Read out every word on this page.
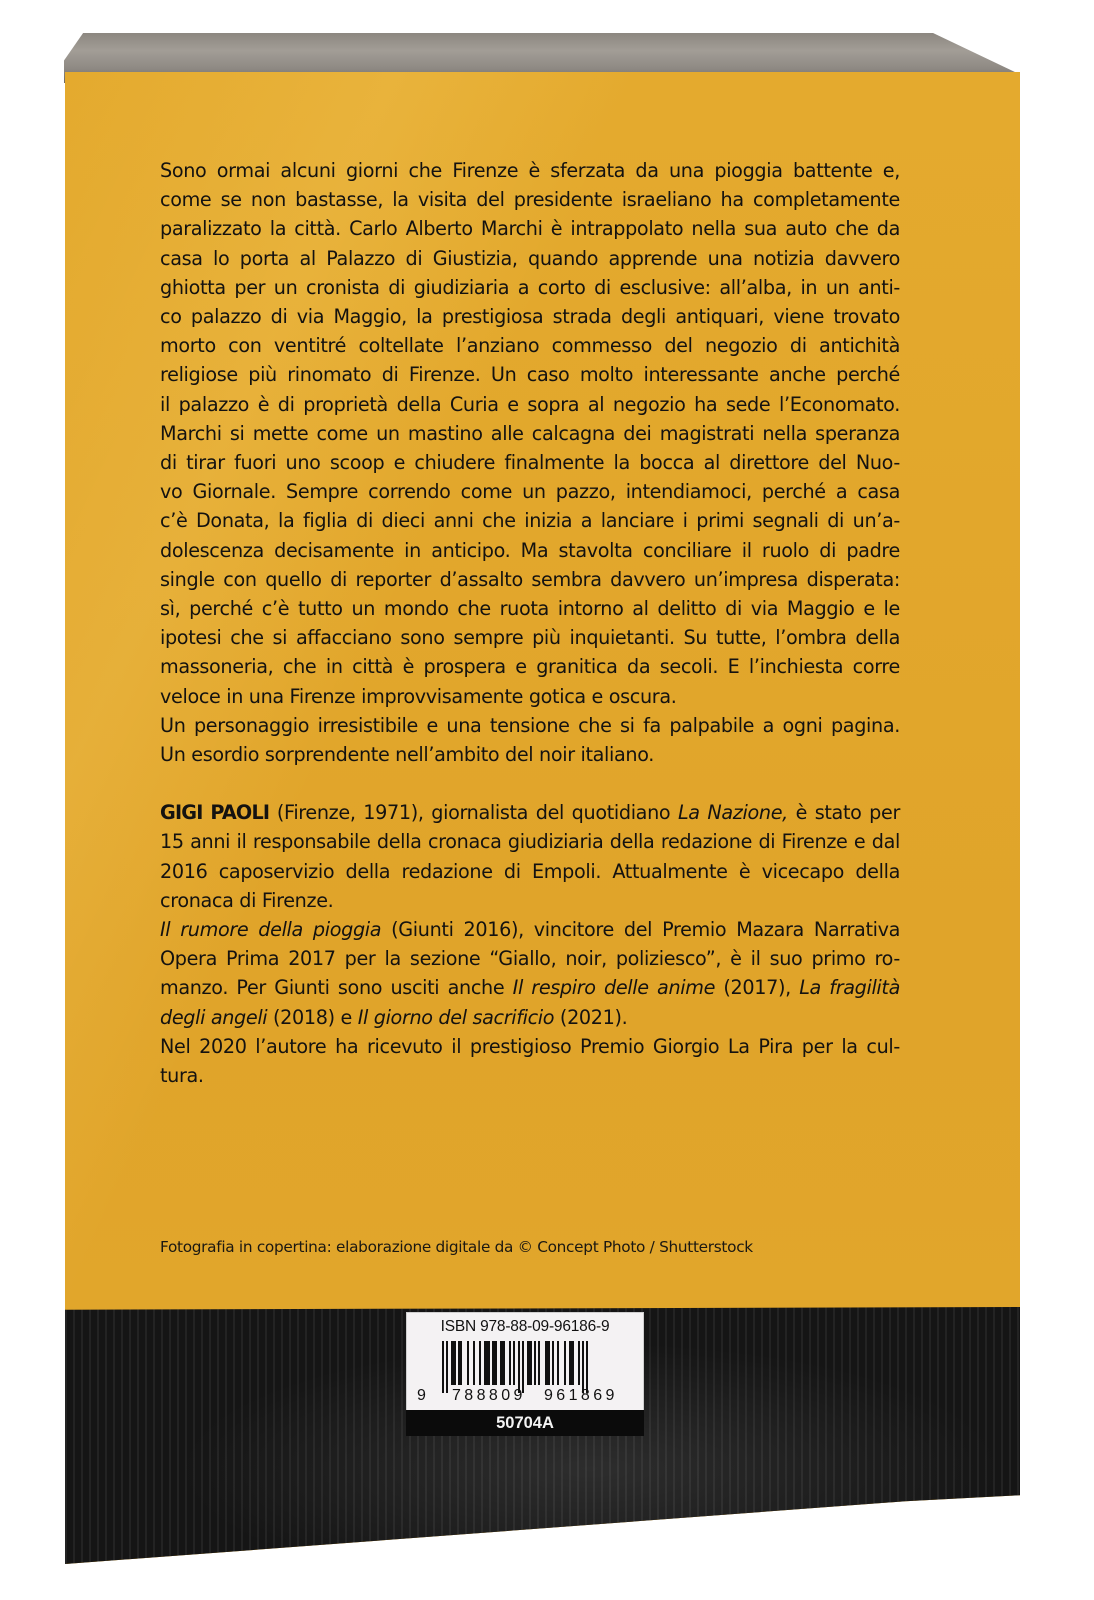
Sono ormai alcuni giorni che Firenze è sferzata da una pioggia battente e,
come se non bastasse, la visita del presidente israeliano ha completamente
paralizzato la città. Carlo Alberto Marchi è intrappolato nella sua auto che da
casa lo porta al Palazzo di Giustizia, quando apprende una notizia davvero
ghiotta per un cronista di giudiziaria a corto di esclusive: all’alba, in un anti-
co palazzo di via Maggio, la prestigiosa strada degli antiquari, viene trovato
morto con ventitré coltellate l’anziano commesso del negozio di antichità
religiose più rinomato di Firenze. Un caso molto interessante anche perché
il palazzo è di proprietà della Curia e sopra al negozio ha sede l’Economato.
Marchi si mette come un mastino alle calcagna dei magistrati nella speranza
di tirar fuori uno scoop e chiudere finalmente la bocca al direttore del Nuo-
vo Giornale. Sempre correndo come un pazzo, intendiamoci, perché a casa
c’è Donata, la figlia di dieci anni che inizia a lanciare i primi segnali di un’a-
dolescenza decisamente in anticipo. Ma stavolta conciliare il ruolo di padre
single con quello di reporter d’assalto sembra davvero un’impresa disperata:
sì, perché c’è tutto un mondo che ruota intorno al delitto di via Maggio e le
ipotesi che si affacciano sono sempre più inquietanti. Su tutte, l’ombra della
massoneria, che in città è prospera e granitica da secoli. E l’inchiesta corre
veloce in una Firenze improvvisamente gotica e oscura.
Un personaggio irresistibile e una tensione che si fa palpabile a ogni pagina.
Un esordio sorprendente nell’ambito del noir italiano.
GIGI PAOLI (Firenze, 1971), giornalista del quotidiano La Nazione, è stato per
15 anni il responsabile della cronaca giudiziaria della redazione di Firenze e dal
2016 caposervizio della redazione di Empoli. Attualmente è vicecapo della
cronaca di Firenze.
Il rumore della pioggia (Giunti 2016), vincitore del Premio Mazara Narrativa
Opera Prima 2017 per la sezione “Giallo, noir, poliziesco”, è il suo primo ro-
manzo. Per Giunti sono usciti anche Il respiro delle anime (2017), La fragilità
degli angeli (2018) e Il giorno del sacrificio (2021).
Nel 2020 l’autore ha ricevuto il prestigioso Premio Giorgio La Pira per la cul-
tura.
Fotografia in copertina: elaborazione digitale da © Concept Photo / Shutterstock
ISBN 978-88-09-96186-9
9 788809 961869
50704A
